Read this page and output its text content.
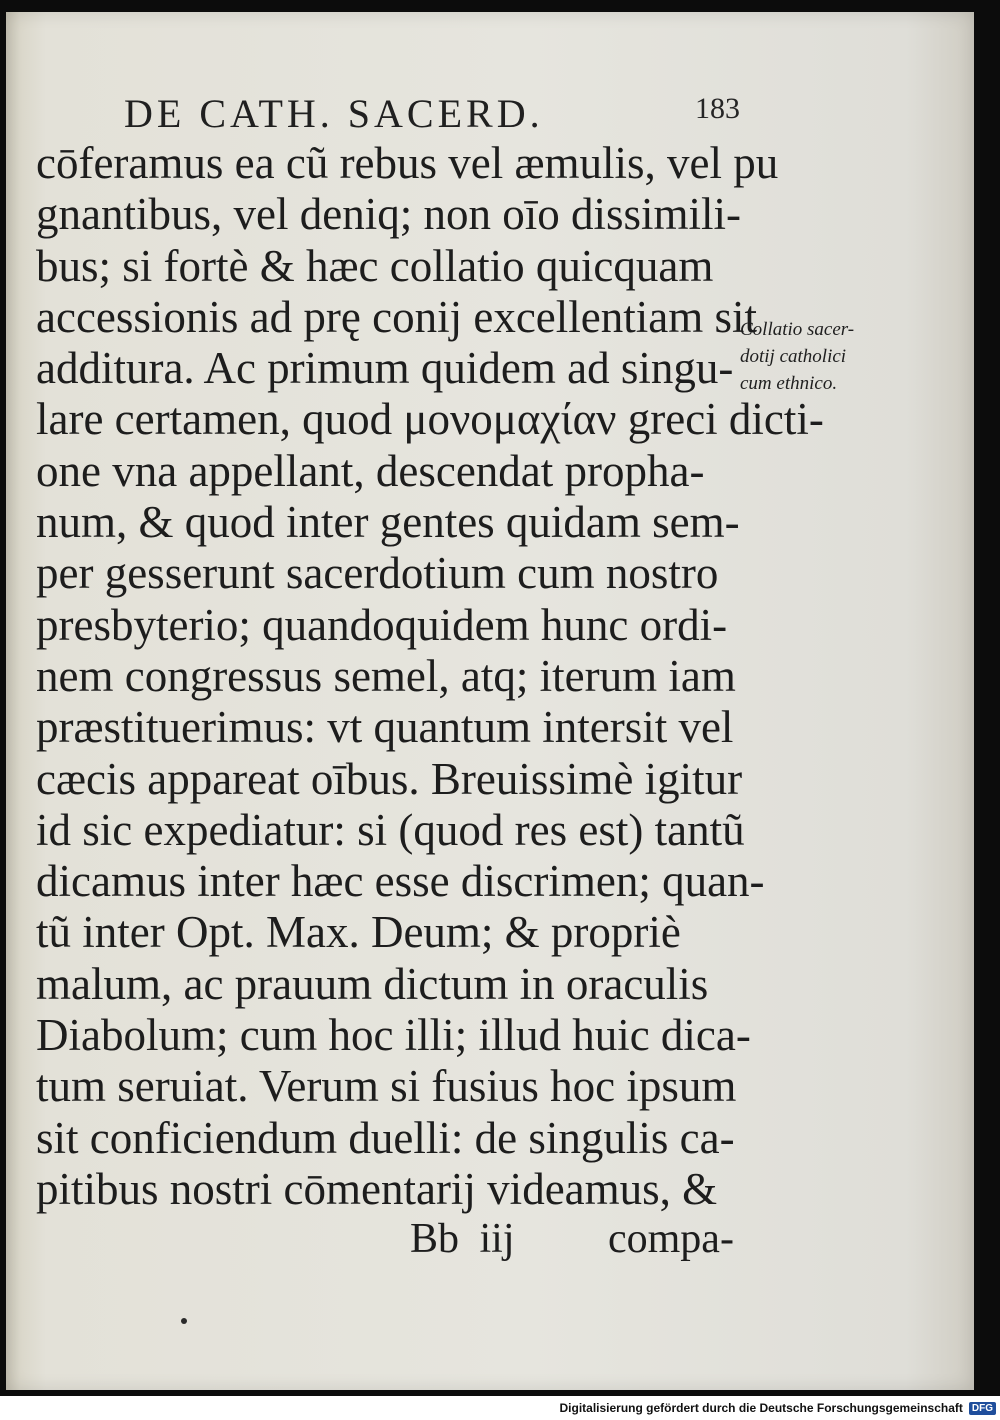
DE CATH. SACERD.	183
cōferamus ea cũ rebus vel æmulis, vel pu
gnantibus, vel deniq; non oīo dissimili-
bus; si fortè & hæc collatio quicquam
accessionis ad prę conij excellentiam sit
additura. Ac primum quidem ad singu-
lare certamen, quod μονομαχίαν greci dicti-
one vna appellant, descendat propha-
num, & quod inter gentes quidam sem-
per gesserunt sacerdotium cum nostro
presbyterio; quandoquidem hunc ordi-
nem congressus semel, atq; iterum iam
præstituerimus: vt quantum intersit vel
cæcis appareat oībus. Breuissimè igitur
id sic expediatur: si (quod res est) tantũ
dicamus inter hæc esse discrimen; quan-
tũ inter Opt. Max. Deum; & propriè
malum, ac prauum dictum in oraculis
Diabolum; cum hoc illi; illud huic dica-
tum seruiat. Verum si fusius hoc ipsum
sit conficiendum duelli: de singulis ca-
pitibus nostri cōmentarij videamus, &
Collatio sacer-
dotij catholici
cum ethnico.
Bb iij compa-
Digitalisierung gefördert durch die Deutsche Forschungsgemeinschaft DFG
